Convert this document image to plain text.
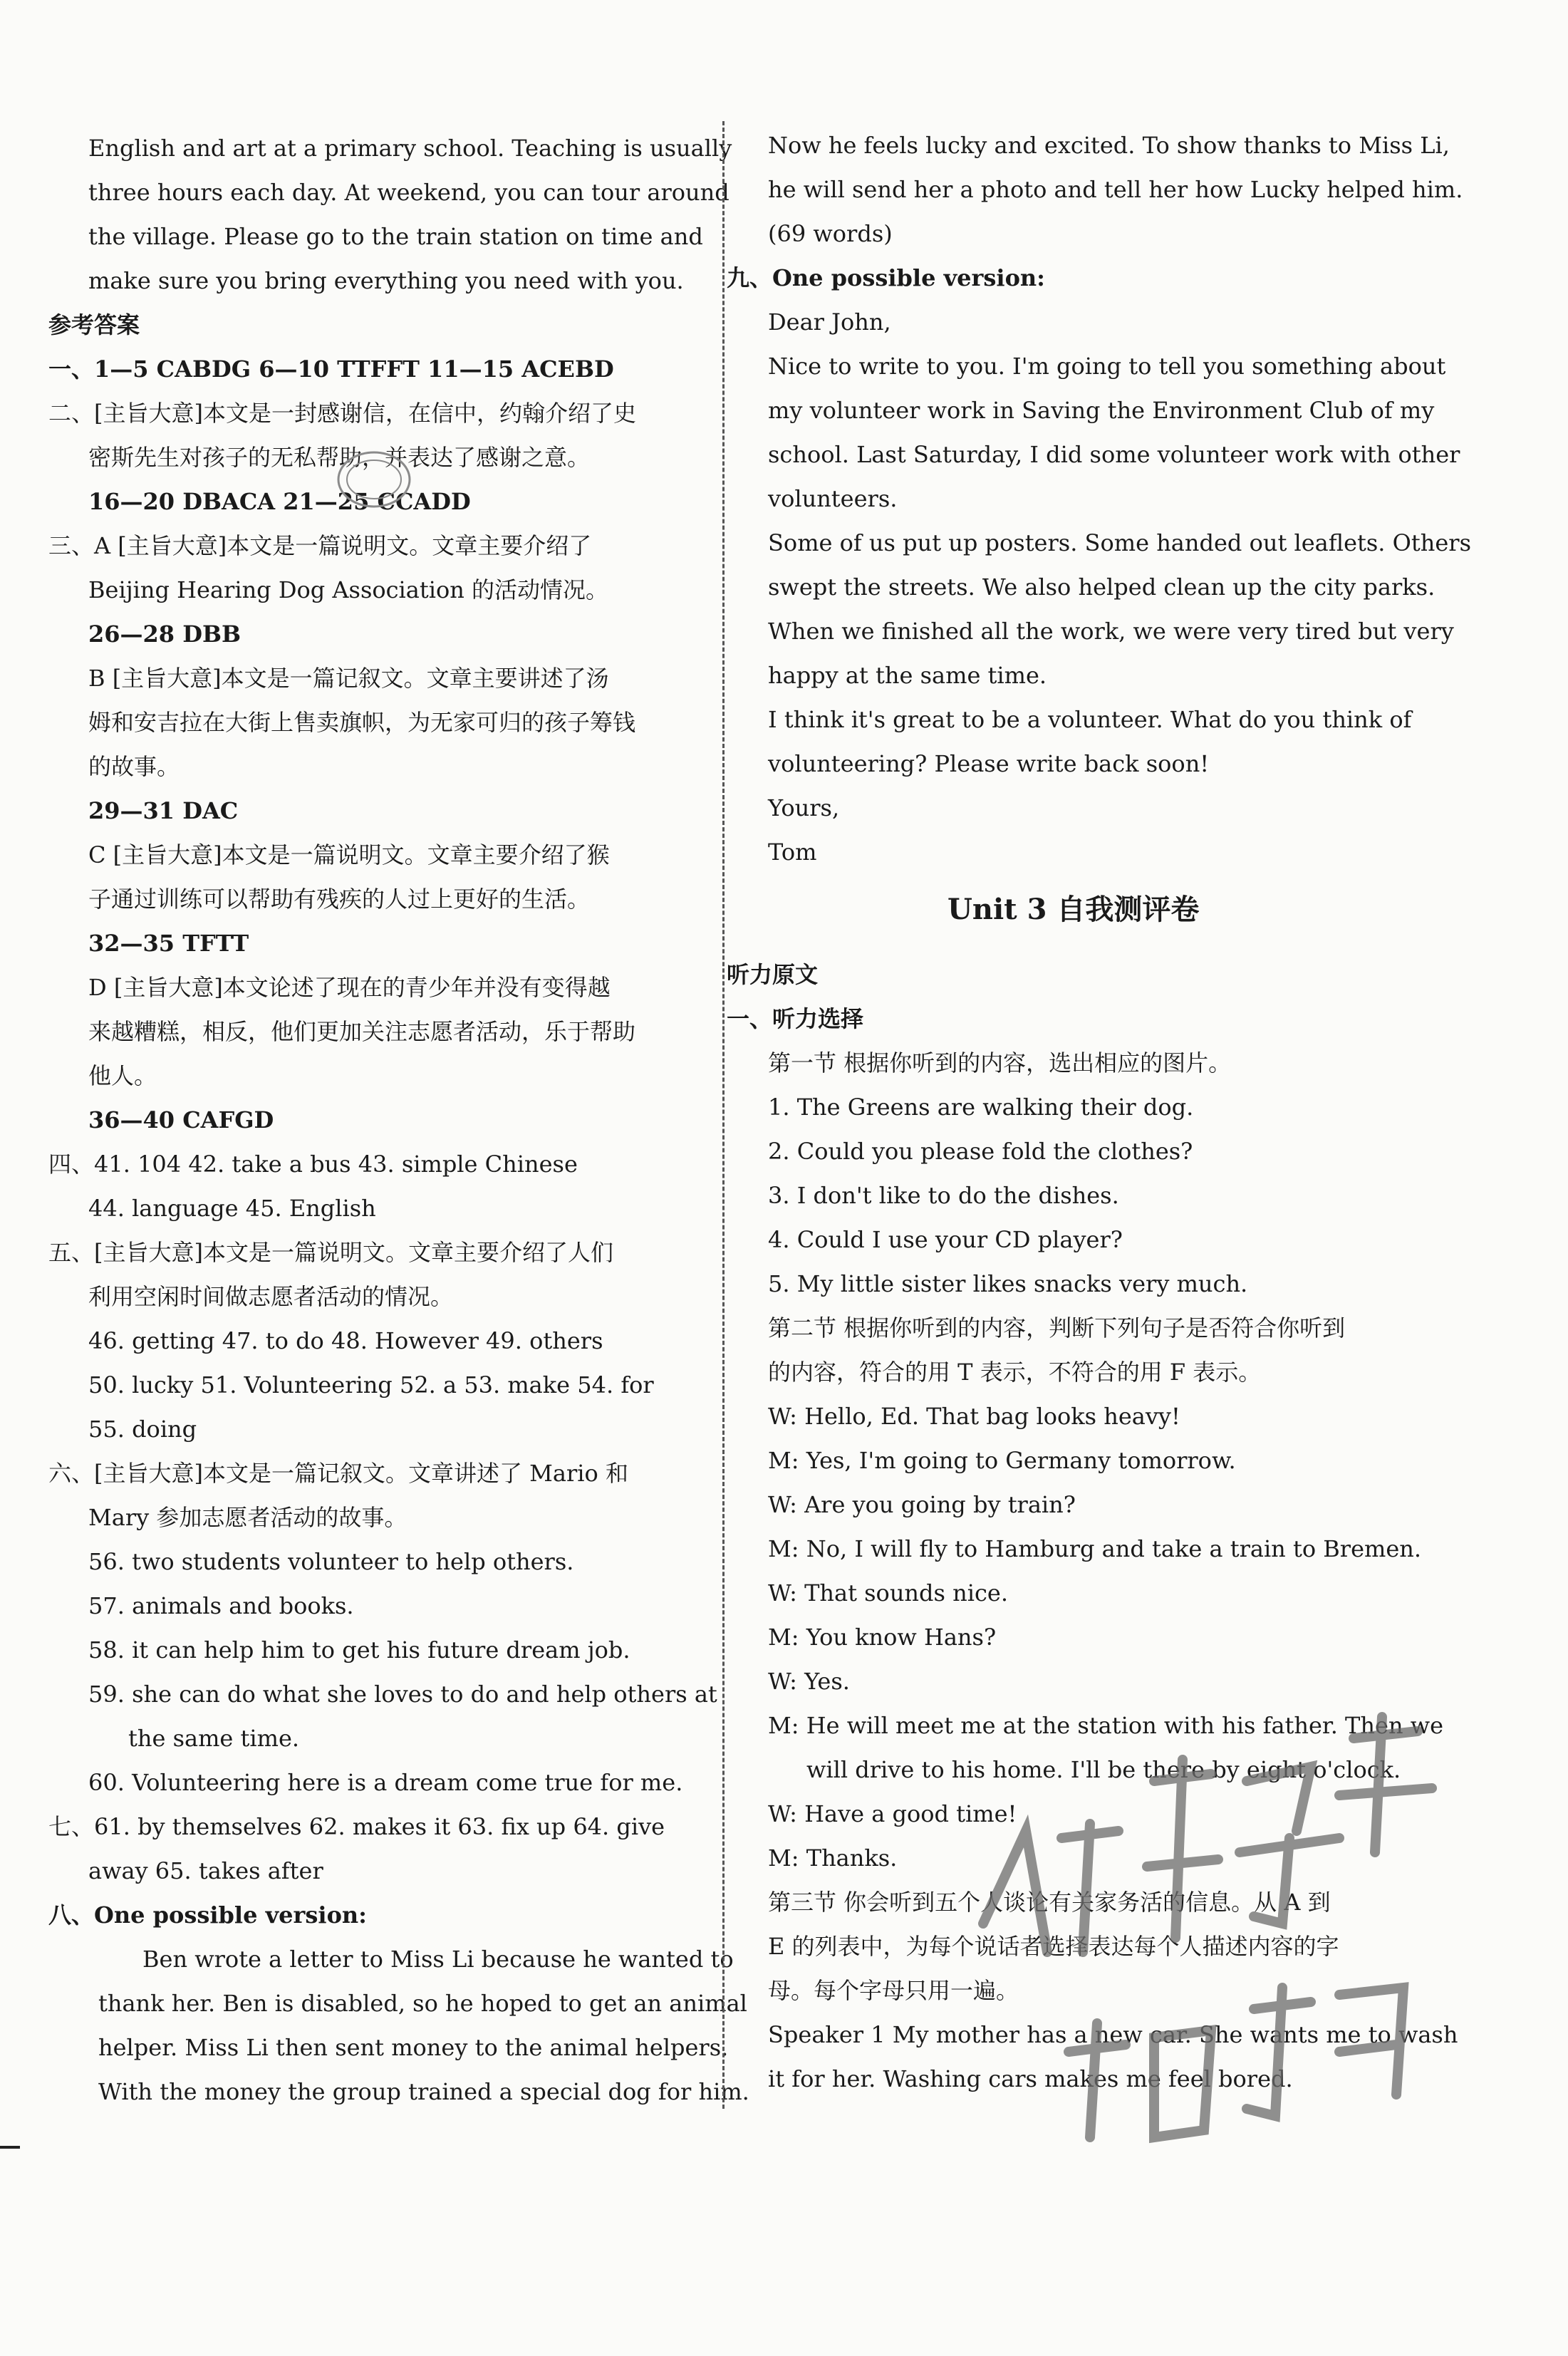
English and art at a primary school. Teaching is usually
three hours each day. At weekend, you can tour around
the village. Please go to the train station on time and
make sure you bring everything you need with you.
参考答案
一、1—5 CABDG 6—10 TTFFT 11—15 ACEBD
二、[主旨大意]本文是一封感谢信，在信中，约翰介绍了史
密斯先生对孩子的无私帮助，并表达了感谢之意。
16—20 DBACA 21—25 CCADD
三、A [主旨大意]本文是一篇说明文。文章主要介绍了
Beijing Hearing Dog Association 的活动情况。
26—28 DBB
B [主旨大意]本文是一篇记叙文。文章主要讲述了汤
姆和安吉拉在大街上售卖旗帜，为无家可归的孩子筹钱
的故事。
29—31 DAC
C [主旨大意]本文是一篇说明文。文章主要介绍了猴
子通过训练可以帮助有残疾的人过上更好的生活。
32—35 TFTT
D [主旨大意]本文论述了现在的青少年并没有变得越
来越糟糕，相反，他们更加关注志愿者活动，乐于帮助
他人。
36—40 CAFGD
四、41. 104 42. take a bus 43. simple Chinese
44. language 45. English
五、[主旨大意]本文是一篇说明文。文章主要介绍了人们
利用空闲时间做志愿者活动的情况。
46. getting 47. to do 48. However 49. others
50. lucky 51. Volunteering 52. a 53. make 54. for
55. doing
六、[主旨大意]本文是一篇记叙文。文章讲述了 Mario 和
Mary 参加志愿者活动的故事。
56. two students volunteer to help others.
57. animals and books.
58. it can help him to get his future dream job.
59. she can do what she loves to do and help others at
the same time.
60. Volunteering here is a dream come true for me.
七、61. by themselves 62. makes it 63. fix up 64. give
away 65. takes after
八、One possible version:
Ben wrote a letter to Miss Li because he wanted to
thank her. Ben is disabled, so he hoped to get an animal
helper. Miss Li then sent money to the animal helpers.
With the money the group trained a special dog for him.
Now he feels lucky and excited. To show thanks to Miss Li,
he will send her a photo and tell her how Lucky helped him.
(69 words)
九、One possible version:
Dear John,
Nice to write to you. I'm going to tell you something about
my volunteer work in Saving the Environment Club of my
school. Last Saturday, I did some volunteer work with other
volunteers.
Some of us put up posters. Some handed out leaflets. Others
swept the streets. We also helped clean up the city parks.
When we finished all the work, we were very tired but very
happy at the same time.
I think it's great to be a volunteer. What do you think of
volunteering? Please write back soon!
Yours,
Tom
Unit 3 自我测评卷
听力原文
一、听力选择
第一节 根据你听到的内容，选出相应的图片。
1. The Greens are walking their dog.
2. Could you please fold the clothes?
3. I don't like to do the dishes.
4. Could I use your CD player?
5. My little sister likes snacks very much.
第二节 根据你听到的内容，判断下列句子是否符合你听到
的内容，符合的用 T 表示，不符合的用 F 表示。
W: Hello, Ed. That bag looks heavy!
M: Yes, I'm going to Germany tomorrow.
W: Are you going by train?
M: No, I will fly to Hamburg and take a train to Bremen.
W: That sounds nice.
M: You know Hans?
W: Yes.
M: He will meet me at the station with his father. Then we
will drive to his home. I'll be there by eight o'clock.
W: Have a good time!
M: Thanks.
第三节 你会听到五个人谈论有关家务活的信息。从 A 到
E 的列表中，为每个说话者选择表达每个人描述内容的字
母。每个字母只用一遍。
Speaker 1 My mother has a new car. She wants me to wash
it for her. Washing cars makes me feel bored.
优+学案 课时通
